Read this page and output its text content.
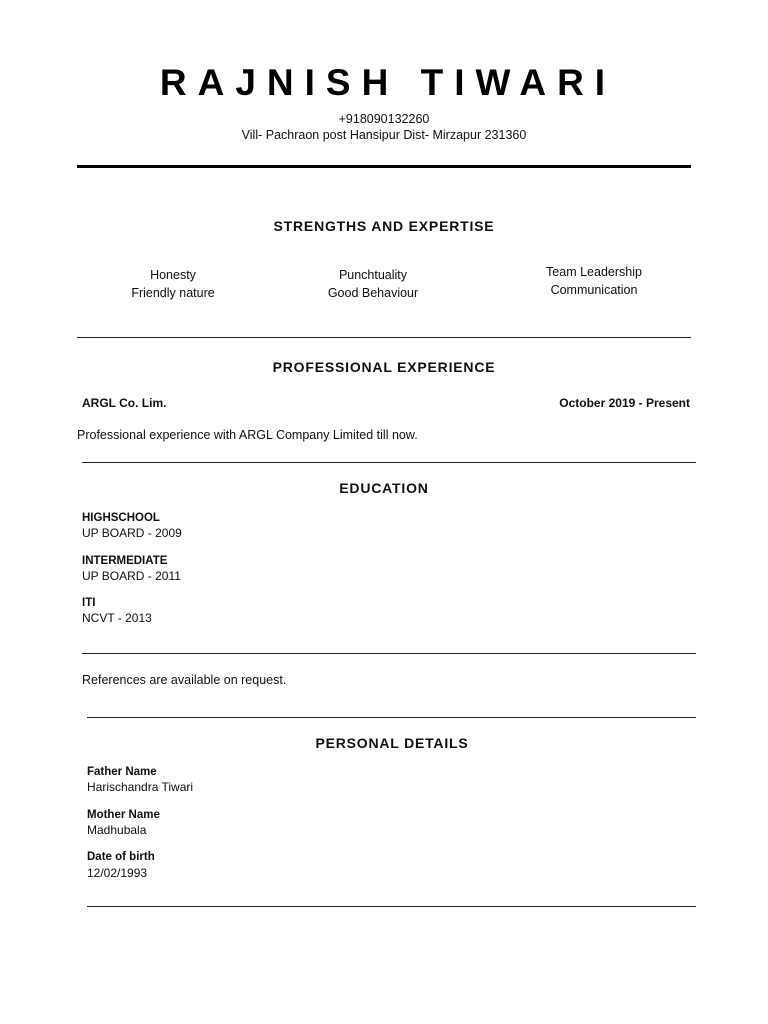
RAJNISH TIWARI
+918090132260
Vill- Pachraon post Hansipur Dist- Mirzapur 231360
STRENGTHS AND EXPERTISE
Honesty
Friendly nature
Punchtuality
Good Behaviour
Team Leadership
Communication
PROFESSIONAL EXPERIENCE
ARGL Co. Lim.	October 2019 - Present
Professional experience with ARGL Company Limited till now.
EDUCATION
HIGHSCHOOL
UP BOARD - 2009
INTERMEDIATE
UP BOARD - 2011
ITI
NCVT - 2013
References are available on request.
PERSONAL DETAILS
Father Name
Harischandra Tiwari
Mother Name
Madhubala
Date of birth
12/02/1993
